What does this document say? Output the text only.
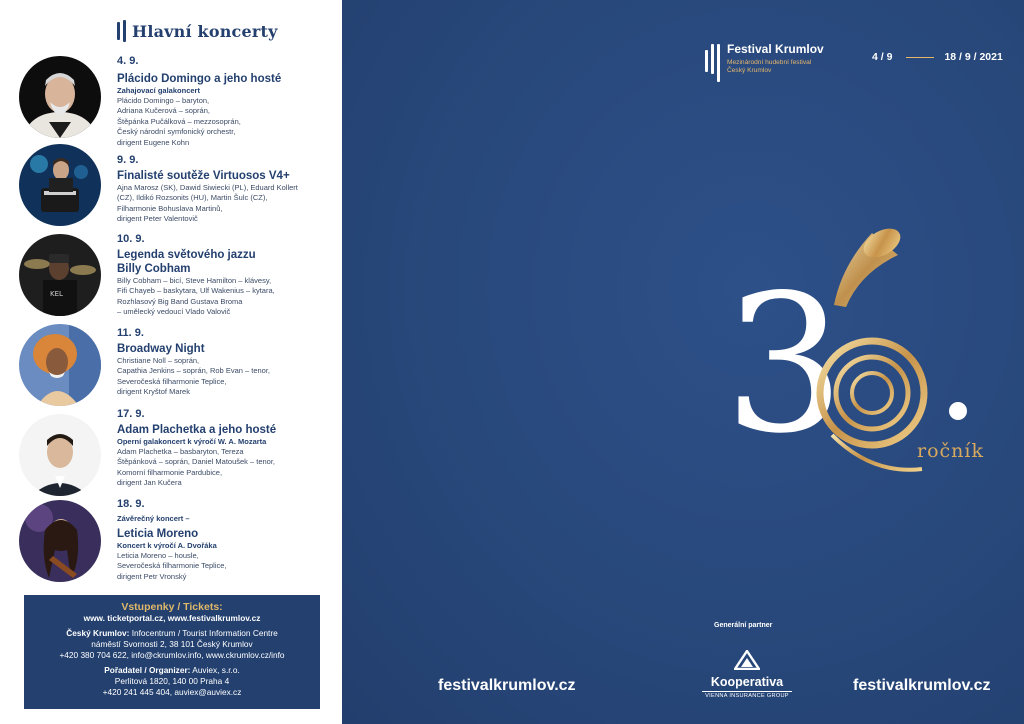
Hlavní koncerty
4. 9.
Plácido Domingo a jeho hosté
Zahajovací galakoncert
Plácido Domingo – baryton,
Adriana Kučerová – soprán,
Štěpánka Pučálková – mezzosoprán,
Český národní symfonický orchestr,
dirigent Eugene Kohn
9. 9.
Finalisté soutěže Virtuosos V4+
Ajna Marosz (SK), Dawid Siwiecki (PL), Eduard Kollert
(CZ), Ildikó Rozsonits (HU), Martin Šulc (CZ),
Filharmonie Bohuslava Martinů,
dirigent Peter Valentovič
KEL
10. 9.
Legenda světového jazzu
Billy Cobham
Billy Cobham – bicí, Steve Hamilton – klávesy,
Fifi Chayeb – baskytara, Ulf Wakenius – kytara,
Rozhlasový Big Band Gustava Broma
– umělecký vedoucí Vlado Valovič
11. 9.
Broadway Night
Christiane Noll – soprán,
Capathia Jenkins – soprán, Rob Evan – tenor,
Severočeská filharmonie Teplice,
dirigent Kryštof Marek
17. 9.
Adam Plachetka a jeho hosté
Operní galakoncert k výročí W. A. Mozarta
Adam Plachetka – basbaryton, Tereza
Štěpánková – soprán, Daniel Matoušek – tenor,
Komorní filharmonie Pardubice,
dirigent Jan Kučera
18. 9.
Závěrečný koncert –
Leticia Moreno
Koncert k výročí A. Dvořáka
Leticia Moreno – housle,
Severočeská filharmonie Teplice,
dirigent Petr Vronský
Vstupenky / Tickets:
www. ticketportal.cz, www.festivalkrumlov.cz
Český Krumlov: Infocentrum / Tourist Information Centre
náměstí Svornosti 2, 38 101 Český Krumlov
+420 380 704 622, info@ckrumlov.info, www.ckrumlov.cz/info
Pořadatel / Organizer: Auviex, s.r.o.
Perlitová 1820, 140 00 Praha 4
+420 241 445 404, auviex@auviex.cz	festivalkrumlov.cz
Festival Krumlov
Mezinárodní hudební festival
Český Krumlov
4 / 9	18 / 9 / 2021
3	ročník
Generální partner
Kooperativa
VIENNA INSURANCE GROUP
festivalkrumlov.cz
